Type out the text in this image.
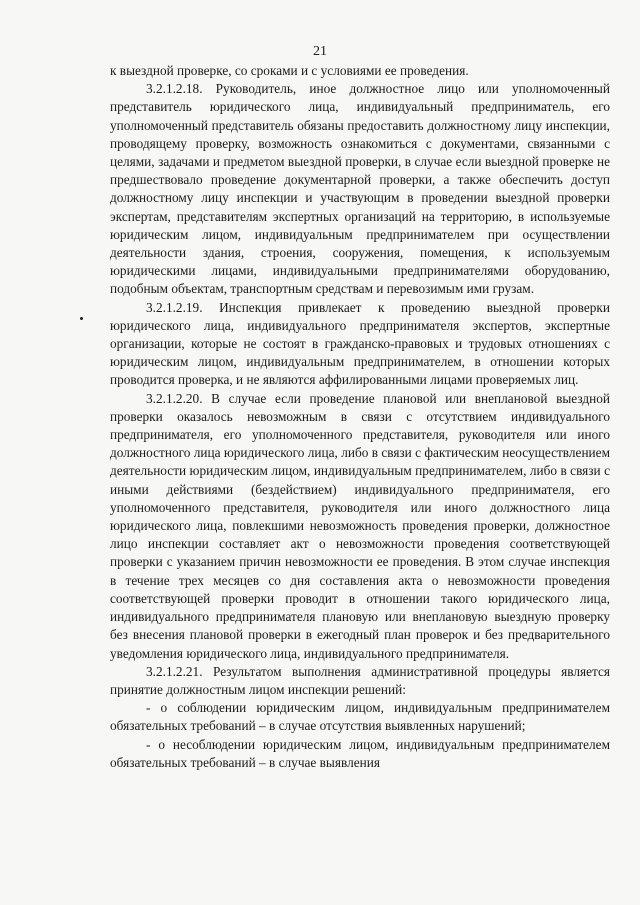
21

к выездной проверке, со сроками и с условиями ее проведения.

3.2.1.2.18. Руководитель, иное должностное лицо или уполномоченный представитель юридического лица, индивидуальный предприниматель, его уполномоченный представитель обязаны предоставить должностному лицу инспекции, проводящему проверку, возможность ознакомиться с документами, связанными с целями, задачами и предметом выездной проверки, в случае если выездной проверке не предшествовало проведение документарной проверки, а также обеспечить доступ должностному лицу инспекции и участвующим в проведении выездной проверки экспертам, представителям экспертных организаций на территорию, в используемые юридическим лицом, индивидуальным предпринимателем при осуществлении деятельности здания, строения, сооружения, помещения, к используемым юридическими лицами, индивидуальными предпринимателями оборудованию, подобным объектам, транспортным средствам и перевозимым ими грузам.

3.2.1.2.19. Инспекция привлекает к проведению выездной проверки юридического лица, индивидуального предпринимателя экспертов, экспертные организации, которые не состоят в гражданско-правовых и трудовых отношениях с юридическим лицом, индивидуальным предпринимателем, в отношении которых проводится проверка, и не являются аффилированными лицами проверяемых лиц.

3.2.1.2.20. В случае если проведение плановой или внеплановой выездной проверки оказалось невозможным в связи с отсутствием индивидуального предпринимателя, его уполномоченного представителя, руководителя или иного должностного лица юридического лица, либо в связи с фактическим неосуществлением деятельности юридическим лицом, индивидуальным предпринимателем, либо в связи с иными действиями (бездействием) индивидуального предпринимателя, его уполномоченного представителя, руководителя или иного должностного лица юридического лица, повлекшими невозможность проведения проверки, должностное лицо инспекции составляет акт о невозможности проведения соответствующей проверки с указанием причин невозможности ее проведения. В этом случае инспекция в течение трех месяцев со дня составления акта о невозможности проведения соответствующей проверки проводит в отношении такого юридического лица, индивидуального предпринимателя плановую или внеплановую выездную проверку без внесения плановой проверки в ежегодный план проверок и без предварительного уведомления юридического лица, индивидуального предпринимателя.

3.2.1.2.21. Результатом выполнения административной процедуры является принятие должностным лицом инспекции решений:

- о соблюдении юридическим лицом, индивидуальным предпринимателем обязательных требований – в случае отсутствия выявленных нарушений;

- о несоблюдении юридическим лицом, индивидуальным предпринимателем обязательных требований – в случае выявления
